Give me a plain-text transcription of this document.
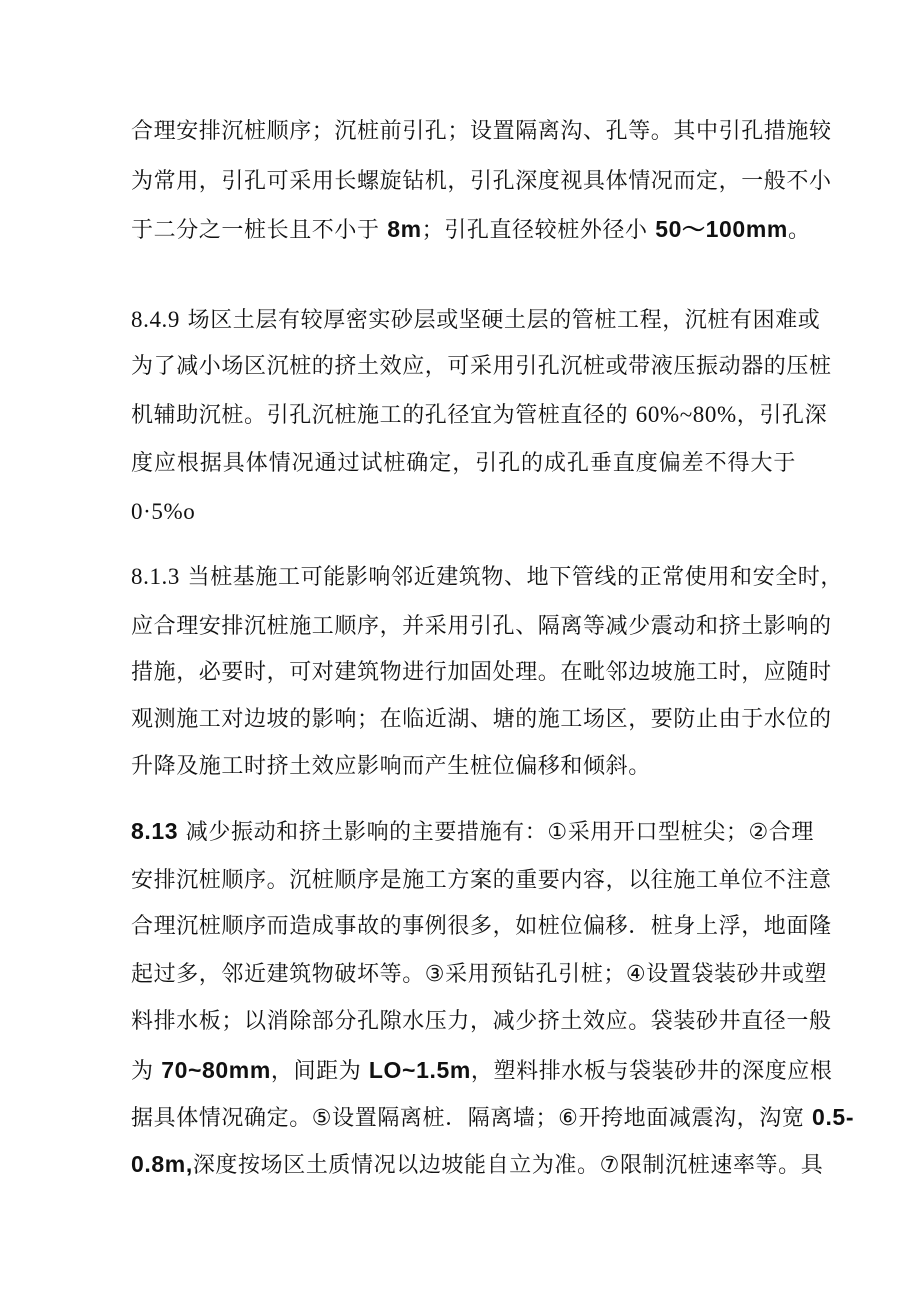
合理安排沉桩顺序；沉桩前引孔；设置隔离沟、孔等。其中引孔措施较
为常用，引孔可采用长螺旋钻机，引孔深度视具体情况而定，一般不小
于二分之一桩长且不小于 8m；引孔直径较桩外径小 50～100mm。
8.4.9 场区土层有较厚密实砂层或坚硬土层的管桩工程，沉桩有困难或
为了减小场区沉桩的挤土效应，可采用引孔沉桩或带液压振动器的压桩
机辅助沉桩。引孔沉桩施工的孔径宜为管桩直径的 60%~80%，引孔深
度应根据具体情况通过试桩确定，引孔的成孔垂直度偏差不得大于
0·5%o
8.1.3 当桩基施工可能影响邻近建筑物、地下管线的正常使用和安全时，
应合理安排沉桩施工顺序，并采用引孔、隔离等减少震动和挤土影响的
措施，必要时，可对建筑物进行加固处理。在毗邻边坡施工时，应随时
观测施工对边坡的影响；在临近湖、塘的施工场区，要防止由于水位的
升降及施工时挤土效应影响而产生桩位偏移和倾斜。
8.13 减少振动和挤土影响的主要措施有：①采用开口型桩尖；②合理
安排沉桩顺序。沉桩顺序是施工方案的重要内容，以往施工单位不注意
合理沉桩顺序而造成事故的事例很多，如桩位偏移．桩身上浮，地面隆
起过多，邻近建筑物破坏等。③采用预钻孔引桩；④设置袋装砂井或塑
料排水板；以消除部分孔隙水压力，减少挤土效应。袋装砂井直径一般
为 70~80mm，间距为 LO~1.5m，塑料排水板与袋装砂井的深度应根
据具体情况确定。⑤设置隔离桩．隔离墙；⑥开挎地面减震沟，沟宽 0.5-
0.8m,深度按场区土质情况以边坡能自立为准。⑦限制沉桩速率等。具
